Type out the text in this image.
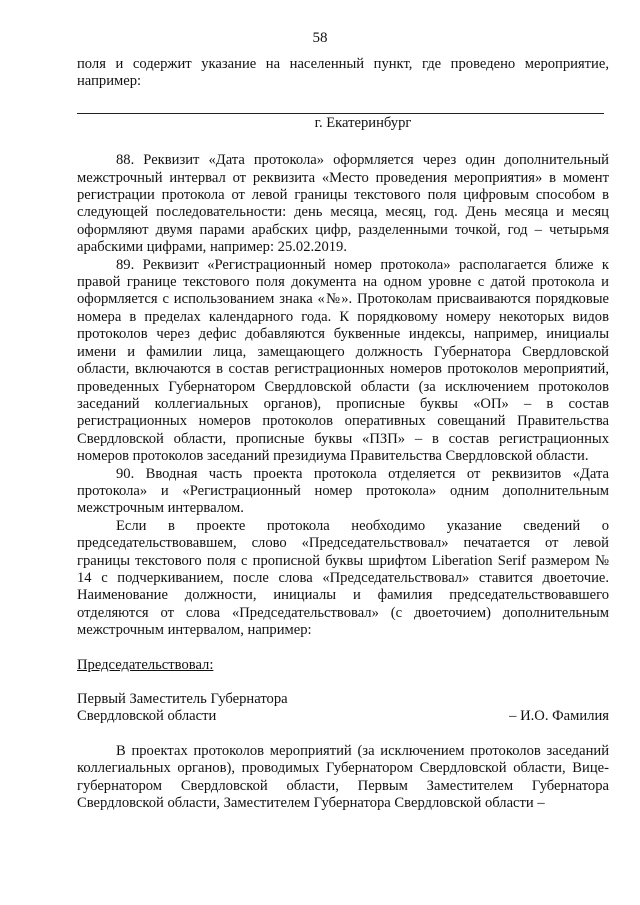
58

поля и содержит указание на населенный пункт, где проведено мероприятие, например:

г. Екатеринбург

88. Реквизит «Дата протокола» оформляется через один дополнительный межстрочный интервал от реквизита «Место проведения мероприятия» в момент регистрации протокола от левой границы текстового поля цифровым способом в следующей последовательности: день месяца, месяц, год. День месяца и месяц оформляют двумя парами арабских цифр, разделенными точкой, год – четырьмя арабскими цифрами, например: 25.02.2019.

89. Реквизит «Регистрационный номер протокола» располагается ближе к правой границе текстового поля документа на одном уровне с датой протокола и оформляется с использованием знака «№». Протоколам присваиваются порядковые номера в пределах календарного года. К порядковому номеру некоторых видов протоколов через дефис добавляются буквенные индексы, например, инициалы имени и фамилии лица, замещающего должность Губернатора Свердловской области, включаются в состав регистрационных номеров протоколов мероприятий, проведенных Губернатором Свердловской области (за исключением протоколов заседаний коллегиальных органов), прописные буквы «ОП» – в состав регистрационных номеров протоколов оперативных совещаний Правительства Свердловской области, прописные буквы «ПЗП» – в состав регистрационных номеров протоколов заседаний президиума Правительства Свердловской области.

90. Вводная часть проекта протокола отделяется от реквизитов «Дата протокола» и «Регистрационный номер протокола» одним дополнительным межстрочным интервалом.

Если в проекте протокола необходимо указание сведений о председательствовавшем, слово «Председательствовал» печатается от левой границы текстового поля с прописной буквы шрифтом Liberation Serif размером № 14 с подчеркиванием, после слова «Председательствовал» ставится двоеточие. Наименование должности, инициалы и фамилия председательствовавшего отделяются от слова «Председательствовал» (с двоеточием) дополнительным межстрочным интервалом, например:

Председательствовал:

Первый Заместитель Губернатора

Свердловской области	– И.О. Фамилия

В проектах протоколов мероприятий (за исключением протоколов заседаний коллегиальных органов), проводимых Губернатором Свердловской области, Вице-губернатором Свердловской области, Первым Заместителем Губернатора Свердловской области, Заместителем Губернатора Свердловской области –
